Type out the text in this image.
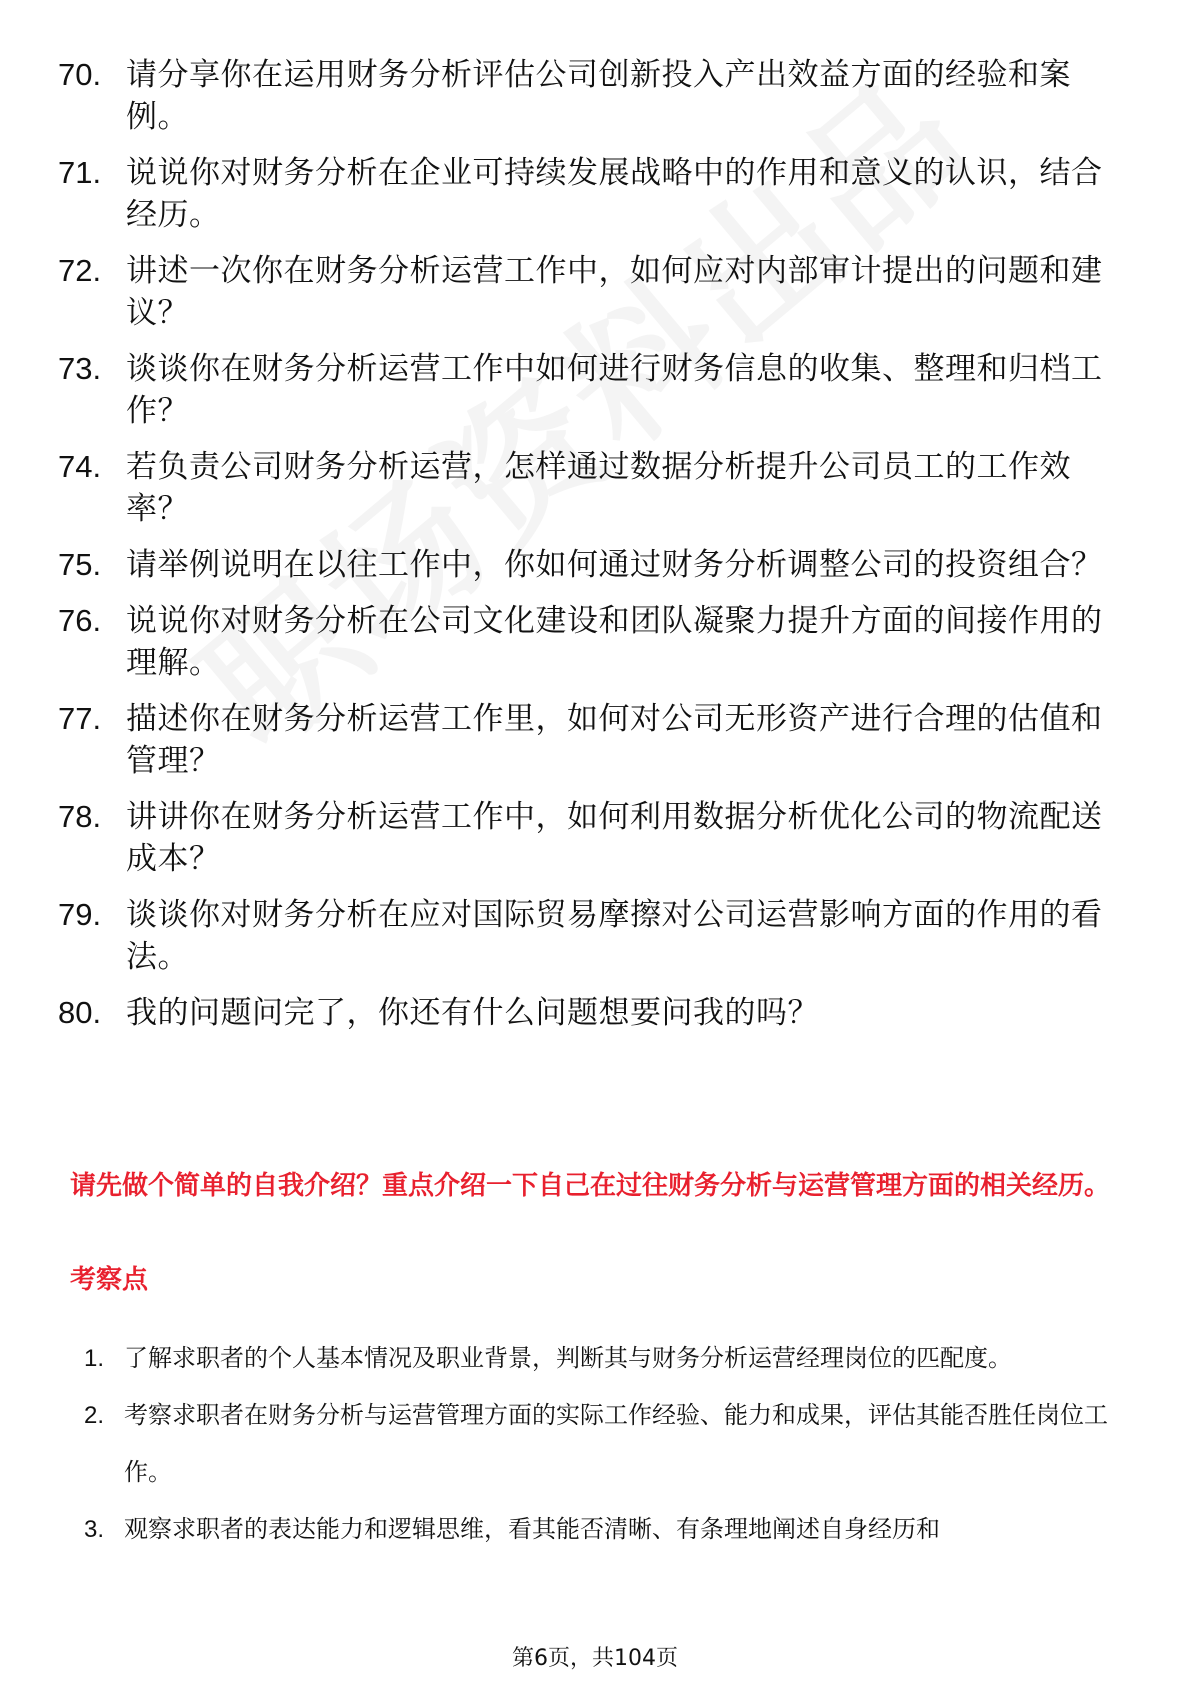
70. 请分享你在运用财务分析评估公司创新投入产出效益方面的经验和案例。
71. 说说你对财务分析在企业可持续发展战略中的作用和意义的认识，结合经历。
72. 讲述一次你在财务分析运营工作中，如何应对内部审计提出的问题和建议？
73. 谈谈你在财务分析运营工作中如何进行财务信息的收集、整理和归档工作？
74. 若负责公司财务分析运营，怎样通过数据分析提升公司员工的工作效率？
75. 请举例说明在以往工作中，你如何通过财务分析调整公司的投资组合？
76. 说说你对财务分析在公司文化建设和团队凝聚力提升方面的间接作用的理解。
77. 描述你在财务分析运营工作里，如何对公司无形资产进行合理的估值和管理？
78. 讲讲你在财务分析运营工作中，如何利用数据分析优化公司的物流配送成本？
79. 谈谈你对财务分析在应对国际贸易摩擦对公司运营影响方面的作用的看法。
80. 我的问题问完了，你还有什么问题想要问我的吗？
请先做个简单的自我介绍？重点介绍一下自己在过往财务分析与运营管理方面的相关经历。
考察点
1. 了解求职者的个人基本情况及职业背景，判断其与财务分析运营经理岗位的匹配度。
2. 考察求职者在财务分析与运营管理方面的实际工作经验、能力和成果，评估其能否胜任岗位工作。
3. 观察求职者的表达能力和逻辑思维，看其能否清晰、有条理地阐述自身经历和
第6页，共104页
